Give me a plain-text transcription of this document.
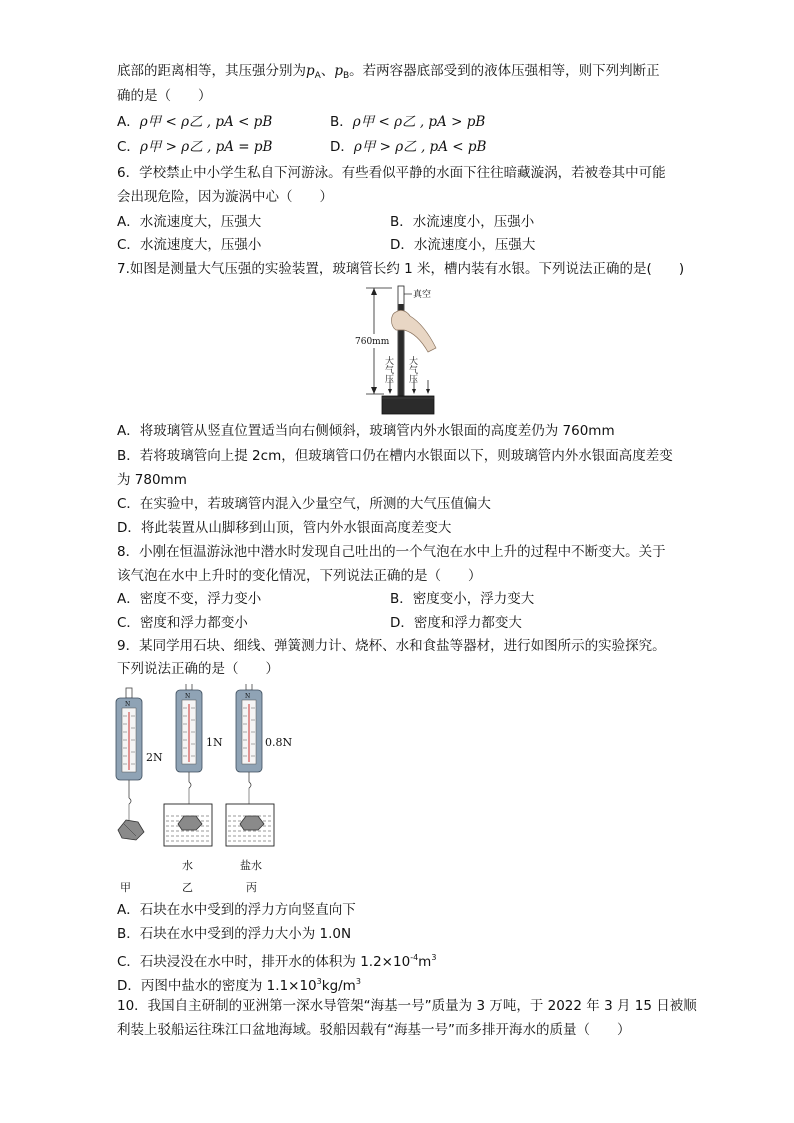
底部的距离相等，其压强分别为$p_A$、$p_B$。若两容器底部受到的液体压强相等，则下列判断正
确的是（　　）
A．ρ甲 < ρ乙 , pA < pB	B．ρ甲 < ρ乙 , pA > pB
C．ρ甲 > ρ乙 , pA = pB	D．ρ甲 > ρ乙 , pA < pB
6．学校禁止中小学生私自下河游泳。有些看似平静的水面下往往暗藏漩涡，若被卷其中可能
会出现危险，因为漩涡中心（　　）
A．水流速度大，压强大	B．水流速度小，压强小
C．水流速度大，压强小	D．水流速度小，压强大
7.如图是测量大气压强的实验装置，玻璃管长约 1 米，槽内装有水银。下列说法正确的是(　　)
760mm
真空
大气压 大气压
A．将玻璃管从竖直位置适当向右侧倾斜，玻璃管内外水银面的高度差仍为 760mm
B．若将玻璃管向上提 2cm，但玻璃管口仍在槽内水银面以下，则玻璃管内外水银面高度差变
为 780mm
C．在实验中，若玻璃管内混入少量空气，所测的大气压值偏大
D．将此装置从山脚移到山顶，管内外水银面高度差变大
8．小刚在恒温游泳池中潜水时发现自己吐出的一个气泡在水中上升的过程中不断变大。关于
该气泡在水中上升时的变化情况，下列说法正确的是（　　）
A．密度不变，浮力变小	B．密度变小，浮力变大
C．密度和浮力都变小	D．密度和浮力都变大
9．某同学用石块、细线、弹簧测力计、烧杯、水和食盐等器材，进行如图所示的实验探究。
下列说法正确的是（　　）
N
2N
N
1N
水
N
0.8N
盐水
甲	乙	丙
A．石块在水中受到的浮力方向竖直向下
B．石块在水中受到的浮力大小为 1.0N
C．石块浸没在水中时，排开水的体积为 $1.2\times 10^{-4}m^3$
D．丙图中盐水的密度为 $1.1\times 10^3kg/m^3$
10．我国自主研制的亚洲第一深水导管架“海基一号”质量为 3 万吨，于 2022 年 3 月 15 日被顺
利装上驳船运往珠江口盆地海域。驳船因载有“海基一号”而多排开海水的质量（　　）
